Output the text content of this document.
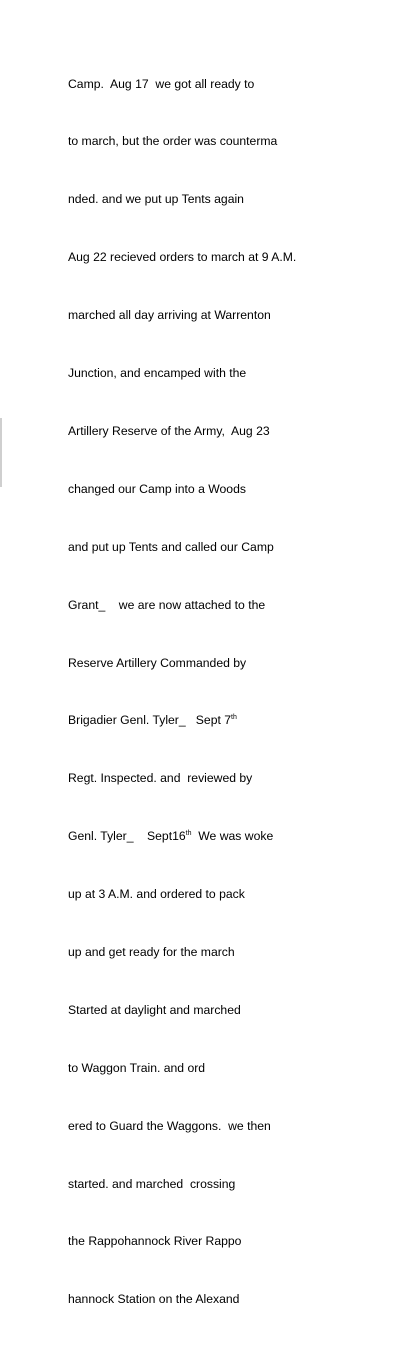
Camp.  Aug 17  we got all ready to

to march, but the order was counterma

nded. and we put up Tents again

Aug 22 recieved orders to march at 9 A.M.

marched all day arriving at Warrenton

Junction, and encamped with the

Artillery Reserve of the Army,  Aug 23

changed our Camp into a Woods

and put up Tents and called our Camp

Grant_    we are now attached to the

Reserve Artillery Commanded by

Brigadier Genl. Tyler_   Sept 7th

Regt. Inspected. and  reviewed by

Genl. Tyler_    Sept16th  We was woke

up at 3 A.M. and ordered to pack

up and get ready for the march

Started at daylight and marched

to Waggon Train. and ord

ered to Guard the Waggons.  we then

started. and marched  crossing

the Rappohannock River Rappo

hannock Station on the Alexand
